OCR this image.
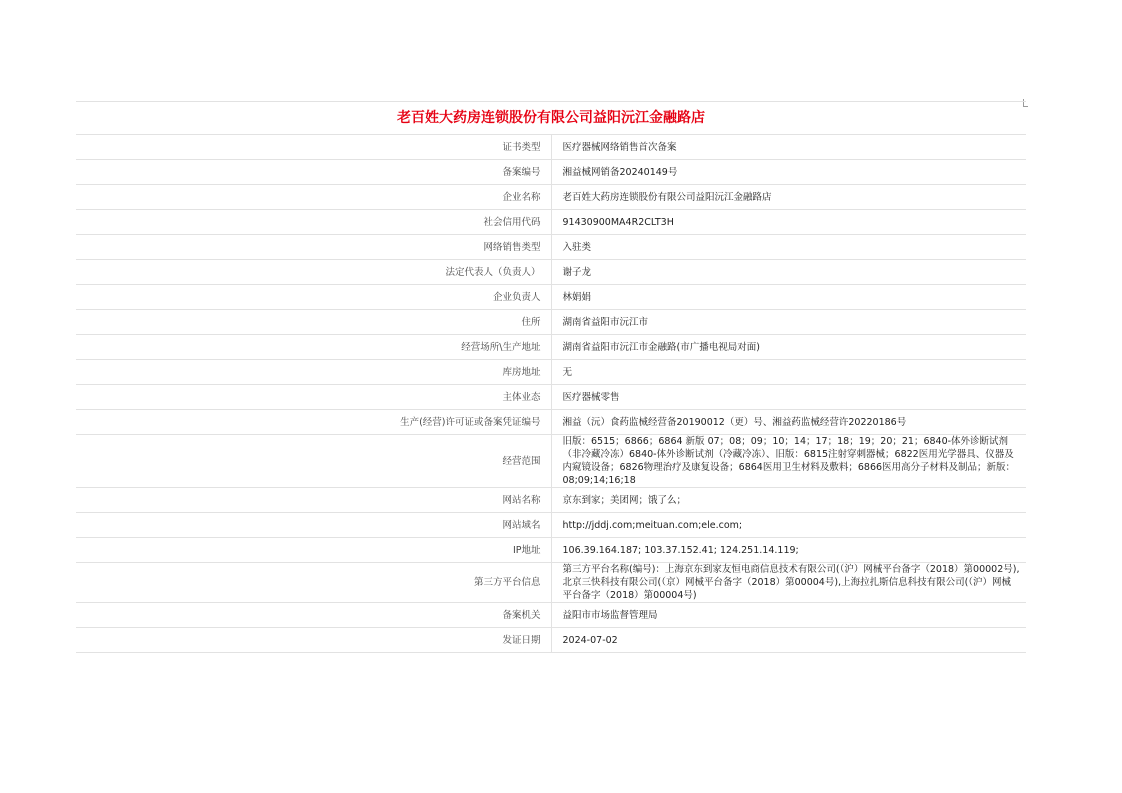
老百姓大药房连锁股份有限公司益阳沅江金融路店	
证书类型	医疗器械网络销售首次备案
备案编号	湘益械网销备20240149号
企业名称	老百姓大药房连锁股份有限公司益阳沅江金融路店
社会信用代码	91430900MA4R2CLT3H
网络销售类型	入驻类
法定代表人（负责人）	谢子龙
企业负责人	林娟娟
住所	湖南省益阳市沅江市
经营场所\生产地址	湖南省益阳市沅江市金融路(市广播电视局对面)
库房地址	无
主体业态	医疗器械零售
生产(经营)许可证或备案凭证编号	湘益（沅）食药监械经营备20190012（更）号、湘益药监械经营许20220186号
经营范围	旧版：6515；6866；6864 新版 07；08；09；10；14；17；18；19；20；21；6840-体外诊断试剂（非冷藏冷冻）6840-体外诊断试剂（冷藏冷冻）、旧版：6815注射穿刺器械；6822医用光学器具、仪器及内窥镜设备；6826物理治疗及康复设备；6864医用卫生材料及敷料；6866医用高分子材料及制品；新版：08;09;14;16;18
网站名称	京东到家；美团网；饿了么；
网站域名	http://jddj.com;meituan.com;ele.com;
IP地址	106.39.164.187; 103.37.152.41; 124.251.14.119;
第三方平台信息	第三方平台名称(编号)：上海京东到家友恒电商信息技术有限公司(（沪）网械平台备字（2018）第00002号),北京三快科技有限公司(（京）网械平台备字（2018）第00004号),上海拉扎斯信息科技有限公司(（沪）网械平台备字（2018）第00004号)
备案机关	益阳市市场监督管理局
发证日期	2024-07-02
